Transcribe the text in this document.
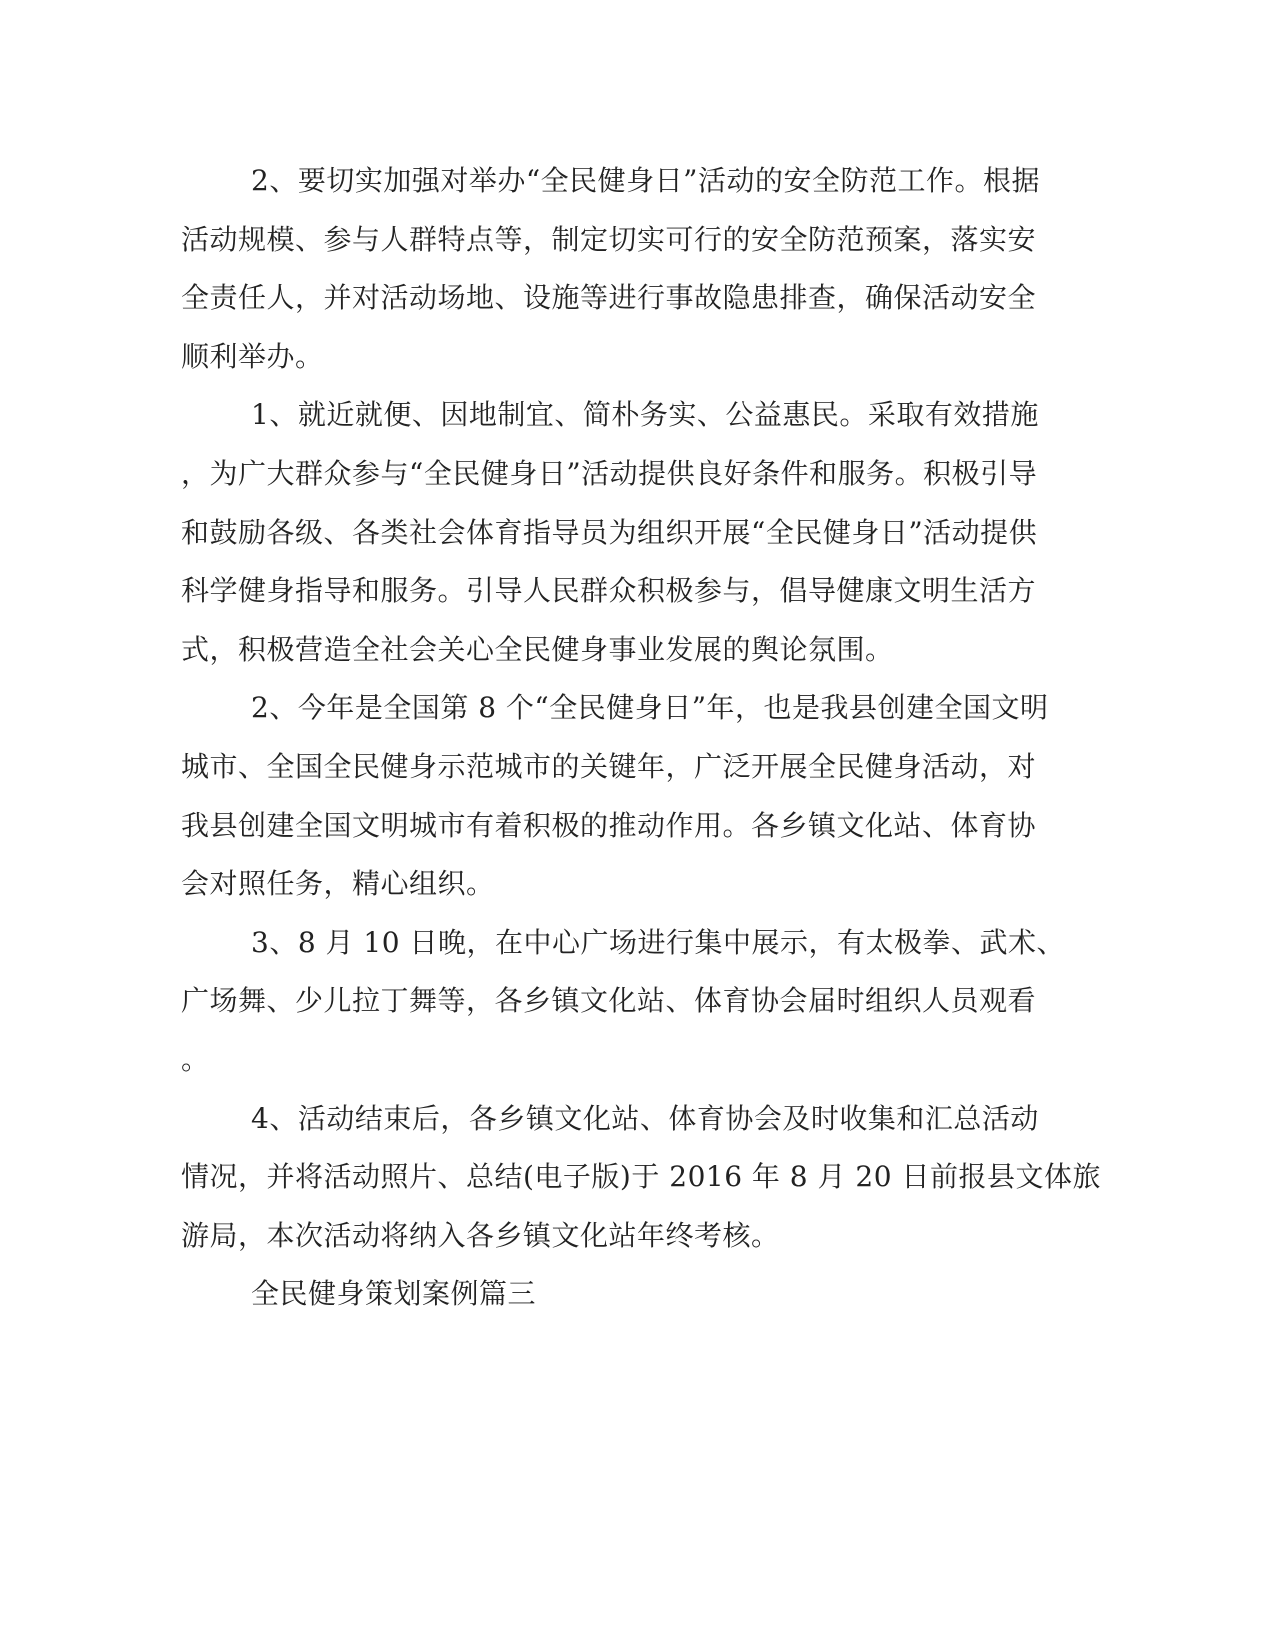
2、要切实加强对举办“全民健身日”活动的安全防范工作。根据
活动规模、参与人群特点等，制定切实可行的安全防范预案，落实安
全责任人，并对活动场地、设施等进行事故隐患排查，确保活动安全
顺利举办。

1、就近就便、因地制宜、简朴务实、公益惠民。采取有效措施
，为广大群众参与“全民健身日”活动提供良好条件和服务。积极引导
和鼓励各级、各类社会体育指导员为组织开展“全民健身日”活动提供
科学健身指导和服务。引导人民群众积极参与，倡导健康文明生活方
式，积极营造全社会关心全民健身事业发展的舆论氛围。

2、今年是全国第 8 个“全民健身日”年，也是我县创建全国文明
城市、全国全民健身示范城市的关键年，广泛开展全民健身活动，对
我县创建全国文明城市有着积极的推动作用。各乡镇文化站、体育协
会对照任务，精心组织。

3、8 月 10 日晚，在中心广场进行集中展示，有太极拳、武术、
广场舞、少儿拉丁舞等，各乡镇文化站、体育协会届时组织人员观看
。

4、活动结束后，各乡镇文化站、体育协会及时收集和汇总活动
情况，并将活动照片、总结(电子版)于 2016 年 8 月 20 日前报县文体旅
游局，本次活动将纳入各乡镇文化站年终考核。

全民健身策划案例篇三
